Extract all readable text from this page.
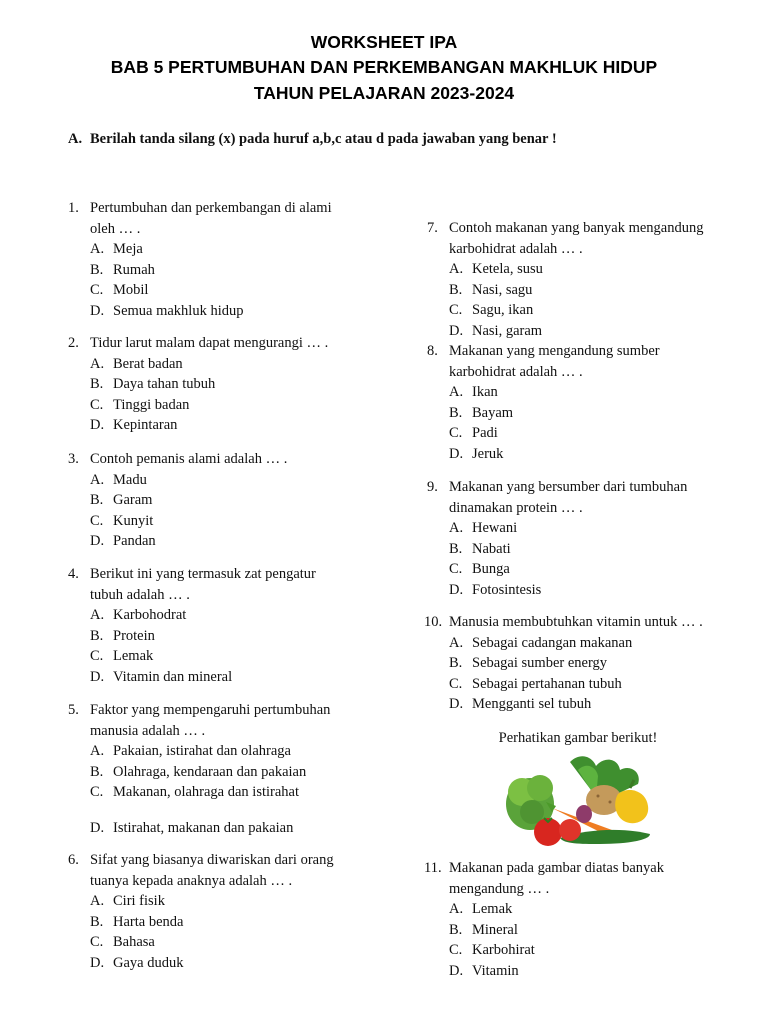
WORKSHEET IPA
BAB 5 PERTUMBUHAN DAN PERKEMBANGAN MAKHLUK HIDUP
TAHUN PELAJARAN 2023-2024
A. Berilah tanda silang (x) pada huruf a,b,c atau d pada jawaban yang benar !
1. Pertumbuhan dan perkembangan di alami
oleh … .
A. Meja
B. Rumah
C. Mobil
D. Semua makhluk hidup
2. Tidur larut malam dapat mengurangi … .
A. Berat badan
B. Daya tahan tubuh
C. Tinggi badan
D. Kepintaran
3. Contoh pemanis alami adalah … .
A. Madu
B. Garam
C. Kunyit
D. Pandan
4. Berikut ini yang termasuk zat pengatur
tubuh adalah … .
A. Karbohodrat
B. Protein
C. Lemak
D. Vitamin dan mineral
5. Faktor yang mempengaruhi pertumbuhan
manusia adalah … .
A. Pakaian, istirahat dan olahraga
B. Olahraga, kendaraan dan pakaian
C. Makanan, olahraga dan istirahat
D. Istirahat, makanan dan pakaian
6. Sifat yang biasanya diwariskan dari orang
tuanya kepada anaknya adalah … .
A. Ciri fisik
B. Harta benda
C. Bahasa
D. Gaya duduk
7. Contoh makanan yang banyak mengandung
karbohidrat adalah … .
A. Ketela, susu
B. Nasi, sagu
C. Sagu, ikan
D. Nasi, garam
8. Makanan yang mengandung sumber
karbohidrat adalah … .
A. Ikan
B. Bayam
C. Padi
D. Jeruk
9. Makanan yang bersumber dari tumbuhan
dinamakan protein … .
A. Hewani
B. Nabati
C. Bunga
D. Fotosintesis
10. Manusia membubtuhkan vitamin untuk … .
A. Sebagai cadangan makanan
B. Sebagai sumber energy
C. Sebagai pertahanan tubuh
D. Mengganti sel tubuh
Perhatikan gambar berikut!
11. Makanan pada gambar diatas banyak
mengandung … .
A. Lemak
B. Mineral
C. Karbohirat
D. Vitamin
